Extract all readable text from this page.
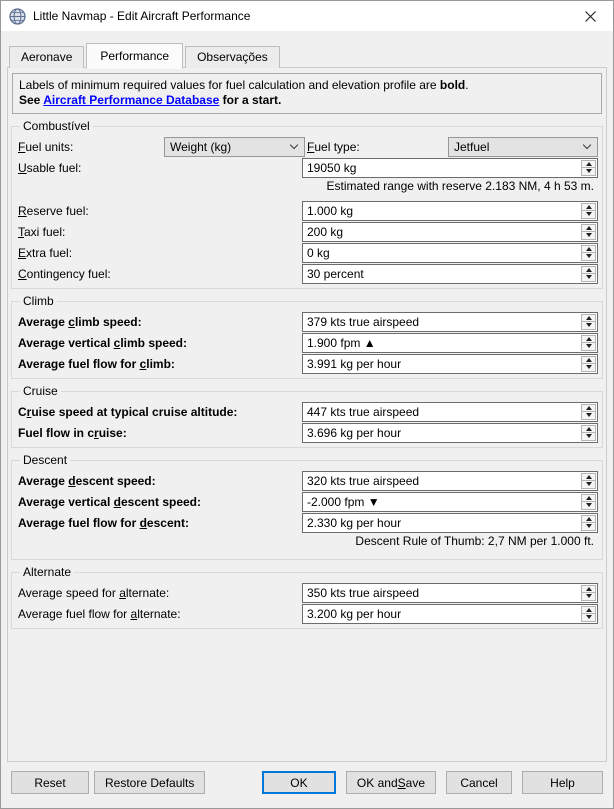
Little Navmap - Edit Aircraft Performance
Aeronave	Performance	Observações
Labels of minimum required values for fuel calculation and elevation profile are bold.
See Aircraft Performance Database for a start.
Combustível
Fuel units:	Weight (kg)	Fuel type:	Jetfuel
Usable fuel:	19050 kg
Estimated range with reserve 2.183 NM, 4 h 53 m.
Reserve fuel:	1.000 kg
Taxi fuel:	200 kg
Extra fuel:	0 kg
Contingency fuel:	30 percent
Climb
Average climb speed:	379 kts true airspeed
Average vertical climb speed:	1.900 fpm ▲
Average fuel flow for climb:	3.991 kg per hour
Cruise
Cruise speed at typical cruise altitude:	447 kts true airspeed
Fuel flow in cruise:	3.696 kg per hour
Descent
Average descent speed:	320 kts true airspeed
Average vertical descent speed:	-2.000 fpm ▼
Average fuel flow for descent:	2.330 kg per hour
Descent Rule of Thumb: 2,7 NM per 1.000 ft.
Alternate
Average speed for alternate:	350 kts true airspeed
Average fuel flow for alternate:	3.200 kg per hour
Reset	Restore Defaults	OK	OK and S ave	Cancel	Help
